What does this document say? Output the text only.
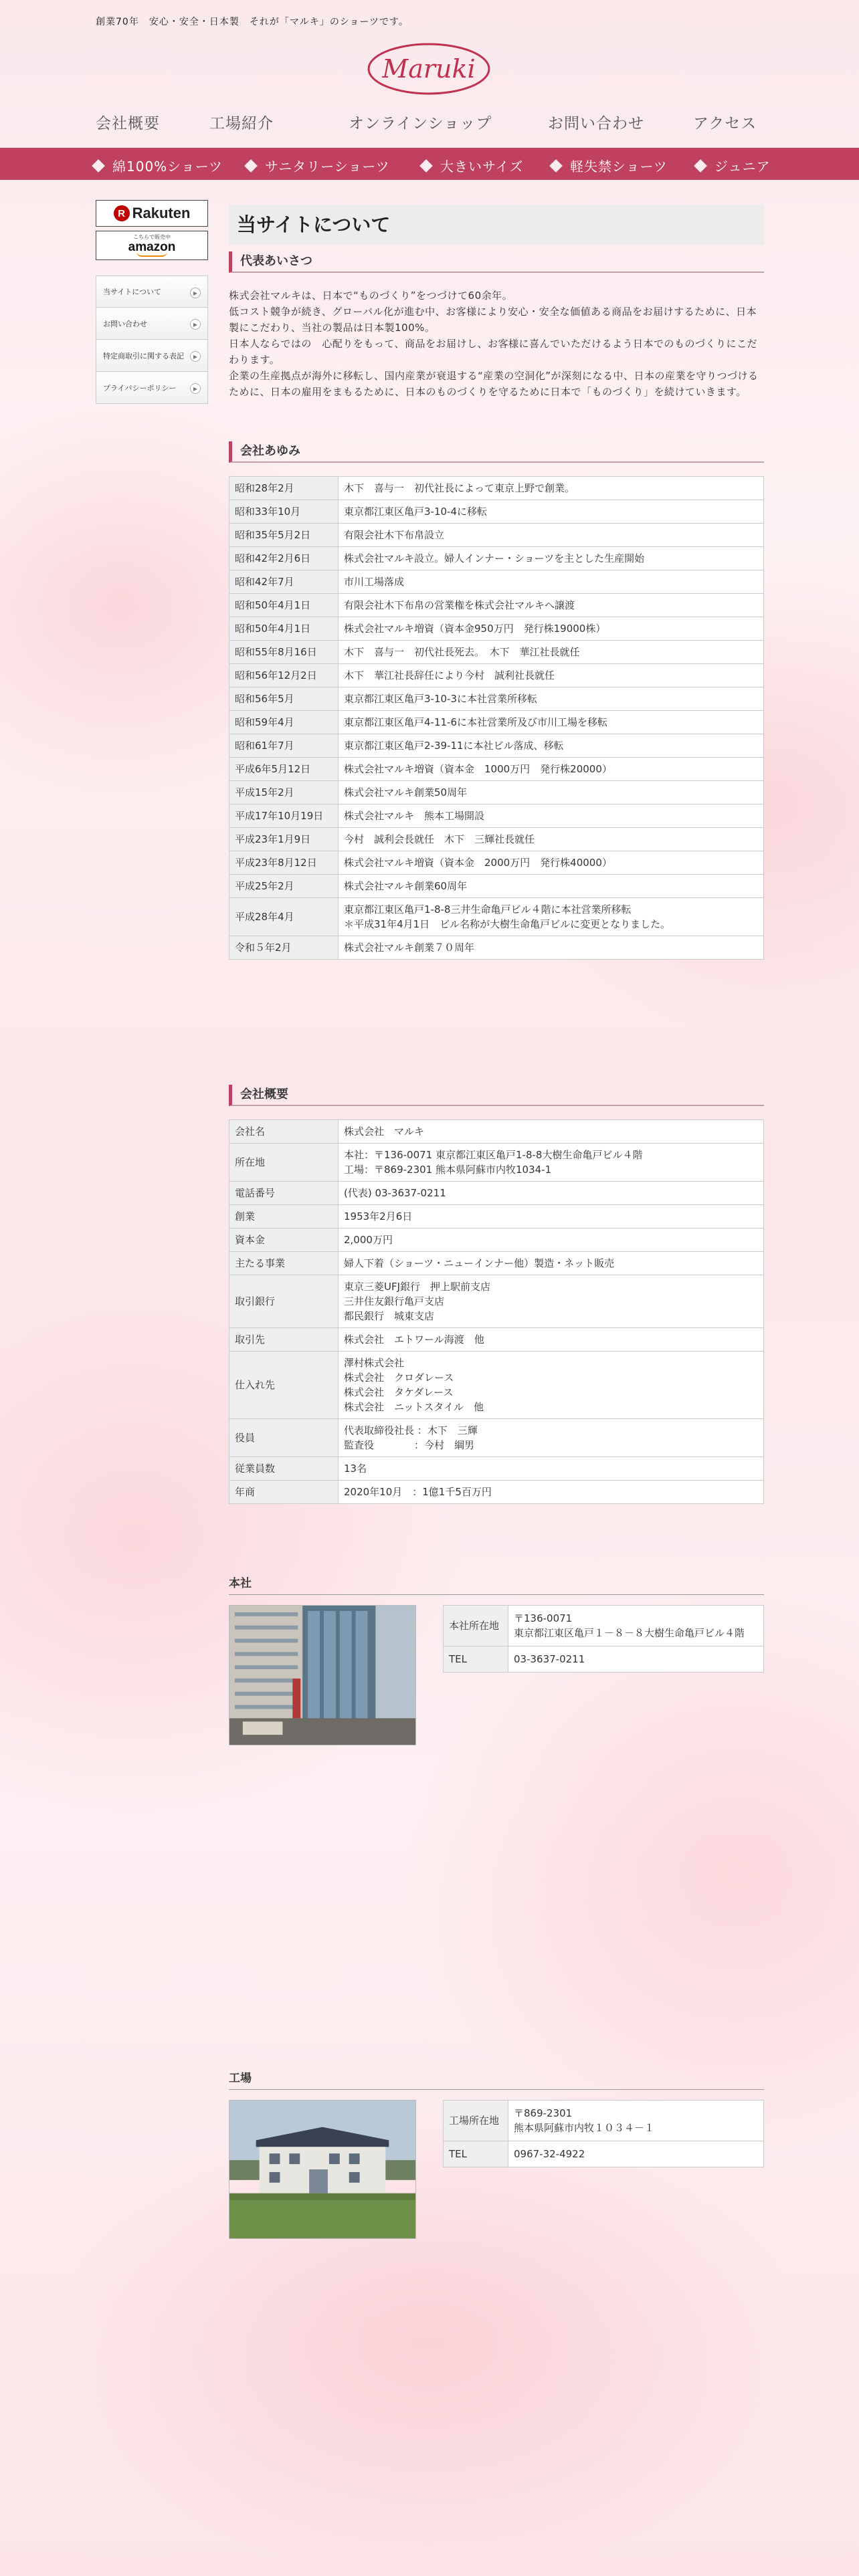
創業70年　安心・安全・日本製　それが「マルキ」のショーツです。
Maruki
会社概要	工場紹介	オンラインショップ	お問い合わせ	アクセス
綿100%ショーツ	サニタリーショーツ	大きいサイズ	軽失禁ショーツ	ジュニア
R Rakuten
こちらで販売中
amazon
当サイトについて	▶
お問い合わせ	▶
特定商取引に関する表記	▶
プライバシーポリシー	▶
当サイトについて
代表あいさつ

株式会社マルキは、日本で“ものづくり”をつづけて60余年。

低コスト競争が続き、グローバル化が進む中、お客様により安心・安全な価値ある商品をお届けするために、日本製にこだわり、当社の製品は日本製100%。

日本人ならではの　心配りをもって、商品をお届けし、お客様に喜んでいただけるよう日本でのものづくりにこだわります。

企業の生産拠点が海外に移転し、国内産業が衰退する“産業の空洞化”が深刻になる中、日本の産業を守りつづけるために、日本の雇用をまもるために、日本のものづくりを守るために日本で「ものづくり」を続けていきます。

会社あゆみ
昭和28年2月	木下　喜与一　初代社長によって東京上野で創業。
昭和33年10月	東京都江東区亀戸3-10-4に移転
昭和35年5月2日	有限会社木下布帛設立
昭和42年2月6日	株式会社マルキ設立。婦人インナー・ショーツを主とした生産開始
昭和42年7月	市川工場落成
昭和50年4月1日	有限会社木下布帛の営業権を株式会社マルキへ譲渡
昭和50年4月1日	株式会社マルキ増資（資本金950万円　発行株19000株）
昭和55年8月16日	木下　喜与一　初代社長死去。　木下　華江社長就任
昭和56年12月2日	木下　華江社長辞任により今村　誠利社長就任
昭和56年5月	東京都江東区亀戸3-10-3に本社営業所移転
昭和59年4月	東京都江東区亀戸4-11-6に本社営業所及び市川工場を移転
昭和61年7月	東京都江東区亀戸2-39-11に本社ビル落成、移転
平成6年5月12日	株式会社マルキ増資（資本金　1000万円　発行株20000）
平成15年2月	株式会社マルキ創業50周年
平成17年10月19日	株式会社マルキ　熊本工場開設
平成23年1月9日	今村　誠利会長就任　木下　三輝社長就任
平成23年8月12日	株式会社マルキ増資（資本金　2000万円　発行株40000）
平成25年2月	株式会社マルキ創業60周年
平成28年4月	東京都江東区亀戸1-8-8三井生命亀戸ビル４階に本社営業所移転
＊平成31年4月1日　ビル名称が大樹生命亀戸ビルに変更となりました。
令和５年2月	株式会社マルキ創業７０周年
会社概要
会社名	株式会社　マルキ
所在地	本社：〒136-0071 東京都江東区亀戸1-8-8大樹生命亀戸ビル４階
工場：〒869-2301 熊本県阿蘇市内牧1034-1
電話番号	(代表) 03-3637-0211
創業	1953年2月6日
資本金	2,000万円
主たる事業	婦人下着（ショーツ・ニューインナー他）製造・ネット販売
取引銀行	東京三菱UFJ銀行　押上駅前支店
三井住友銀行亀戸支店
都民銀行　城東支店
取引先	株式会社　エトワール海渡　他
仕入れ先	澤村株式会社
株式会社　クロダレース
株式会社　タケダレース
株式会社　ニットスタイル　他
役員	代表取締役社長 ：木下　三輝
監査役　　　　：今村　綱男
従業員数	13名
年商	2020年10月　：1億1千5百万円
本社
本社所在地	〒136-0071
東京都江東区亀戸１－８－８大樹生命亀戸ビル４階
TEL	03-3637-0211
工場
工場所在地	〒869-2301
熊本県阿蘇市内牧１０３４－１
TEL	0967-32-4922
